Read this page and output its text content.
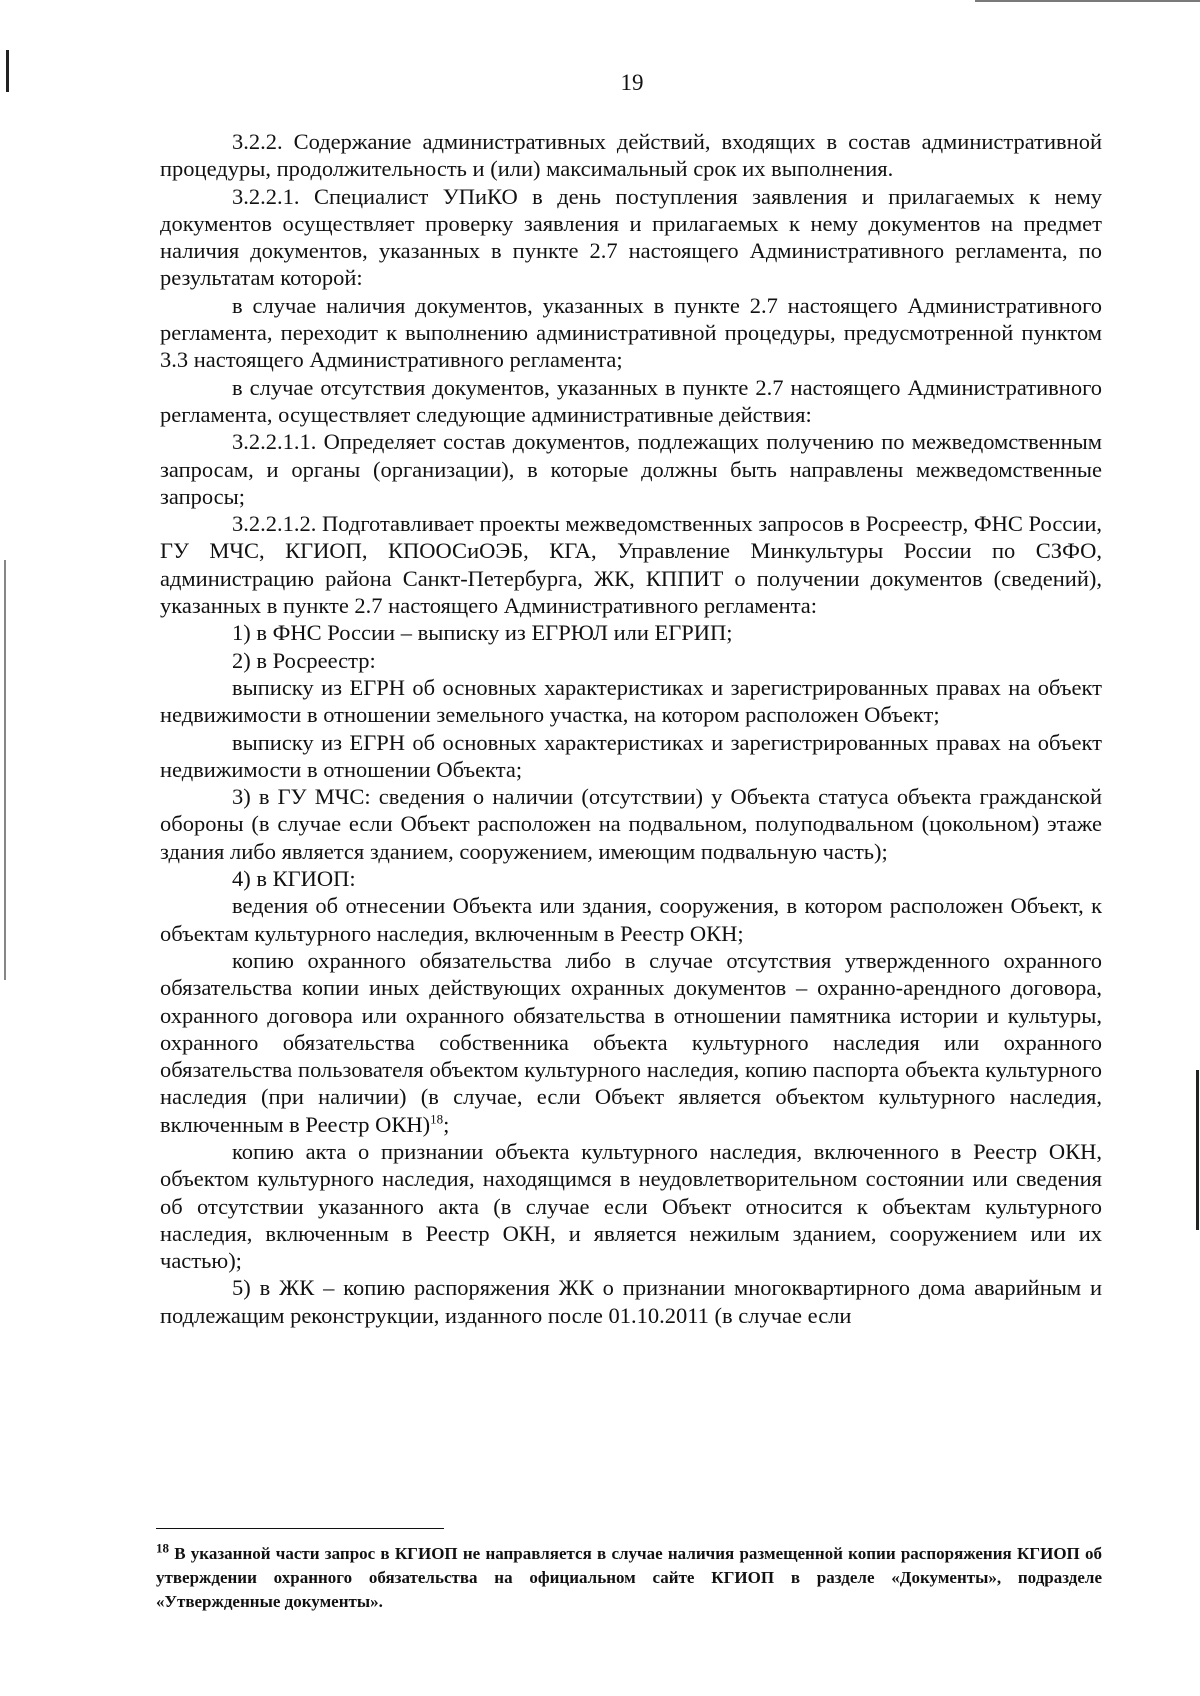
19

3.2.2. Содержание административных действий, входящих в состав административной процедуры, продолжительность и (или) максимальный срок их выполнения.

3.2.2.1. Специалист УПиКО в день поступления заявления и прилагаемых к нему документов осуществляет проверку заявления и прилагаемых к нему документов на предмет наличия документов, указанных в пункте 2.7 настоящего Административного регламента, по результатам которой:

в случае наличия документов, указанных в пункте 2.7 настоящего Административного регламента, переходит к выполнению административной процедуры, предусмотренной пунктом 3.3 настоящего Административного регламента;

в случае отсутствия документов, указанных в пункте 2.7 настоящего Административного регламента, осуществляет следующие административные действия:

3.2.2.1.1. Определяет состав документов, подлежащих получению по межведомственным запросам, и органы (организации), в которые должны быть направлены межведомственные запросы;

3.2.2.1.2. Подготавливает проекты межведомственных запросов в Росреестр, ФНС России, ГУ МЧС, КГИОП, КПООСиОЭБ, КГА, Управление Минкультуры России по СЗФО, администрацию района Санкт-Петербурга, ЖК, КППИТ о получении документов (сведений), указанных в пункте 2.7 настоящего Административного регламента:

1) в ФНС России – выписку из ЕГРЮЛ или ЕГРИП;

2) в Росреестр:

выписку из ЕГРН об основных характеристиках и зарегистрированных правах на объект недвижимости в отношении земельного участка, на котором расположен Объект;

выписку из ЕГРН об основных характеристиках и зарегистрированных правах на объект недвижимости в отношении Объекта;

3) в ГУ МЧС: сведения о наличии (отсутствии) у Объекта статуса объекта гражданской обороны (в случае если Объект расположен на подвальном, полуподвальном (цокольном) этаже здания либо является зданием, сооружением, имеющим подвальную часть);

4) в КГИОП:

ведения об отнесении Объекта или здания, сооружения, в котором расположен Объект, к объектам культурного наследия, включенным в Реестр ОКН;

копию охранного обязательства либо в случае отсутствия утвержденного охранного обязательства копии иных действующих охранных документов – охранно-арендного договора, охранного договора или охранного обязательства в отношении памятника истории и культуры, охранного обязательства собственника объекта культурного наследия или охранного обязательства пользователя объектом культурного наследия, копию паспорта объекта культурного наследия (при наличии) (в случае, если Объект является объектом культурного наследия, включенным в Реестр ОКН)$^{18}$;

копию акта о признании объекта культурного наследия, включенного в Реестр ОКН, объектом культурного наследия, находящимся в неудовлетворительном состоянии или сведения об отсутствии указанного акта (в случае если Объект относится к объектам культурного наследия, включенным в Реестр ОКН, и является нежилым зданием, сооружением или их частью);

5) в ЖК – копию распоряжения ЖК о признании многоквартирного дома аварийным и подлежащим реконструкции, изданного после 01.10.2011 (в случае если

$^{18}$ В указанной части запрос в КГИОП не направляется в случае наличия размещенной копии распоряжения КГИОП об утверждении охранного обязательства на официальном сайте КГИОП в разделе «Документы», подразделе «Утвержденные документы».
